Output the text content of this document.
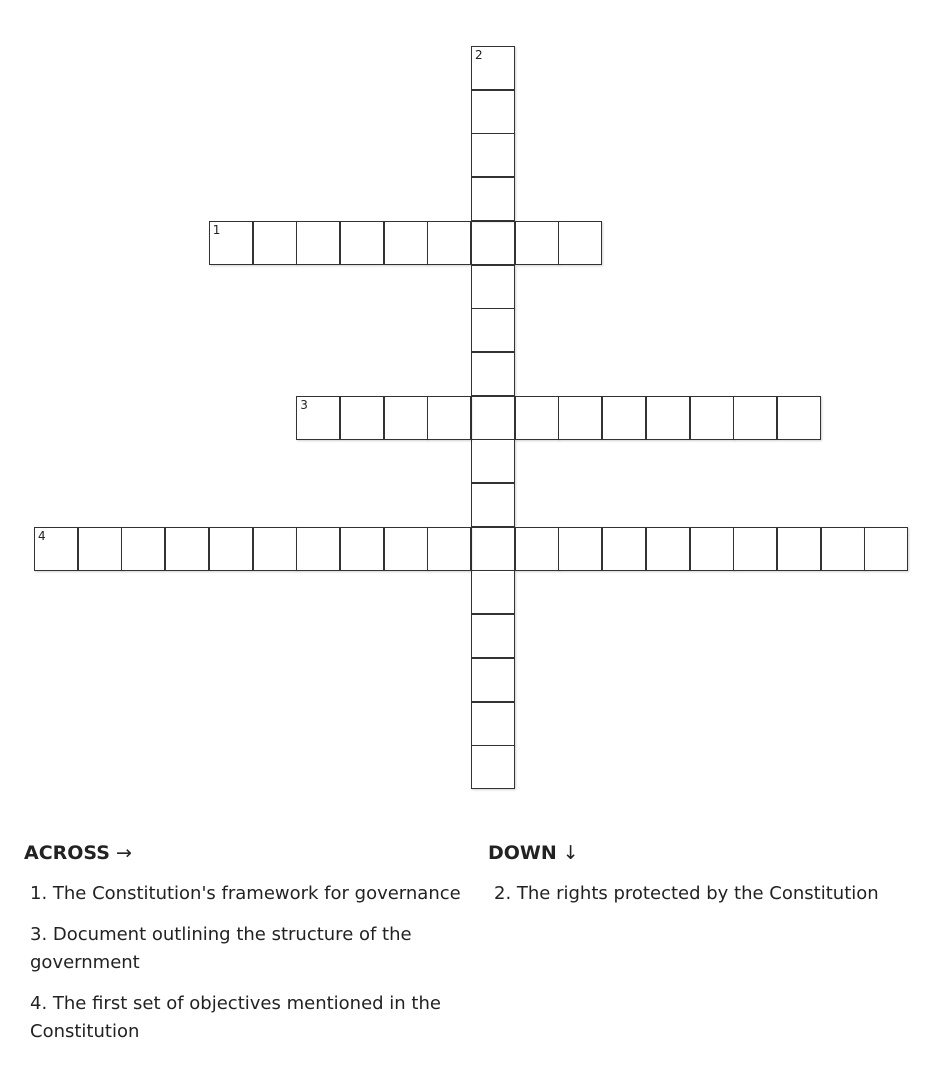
1
2
3
4
ACROSS →
1. The Constitution's framework for governance
3. Document outlining the structure of the government
4. The first set of objectives mentioned in the Constitution
DOWN ↓
2. The rights protected by the Constitution
